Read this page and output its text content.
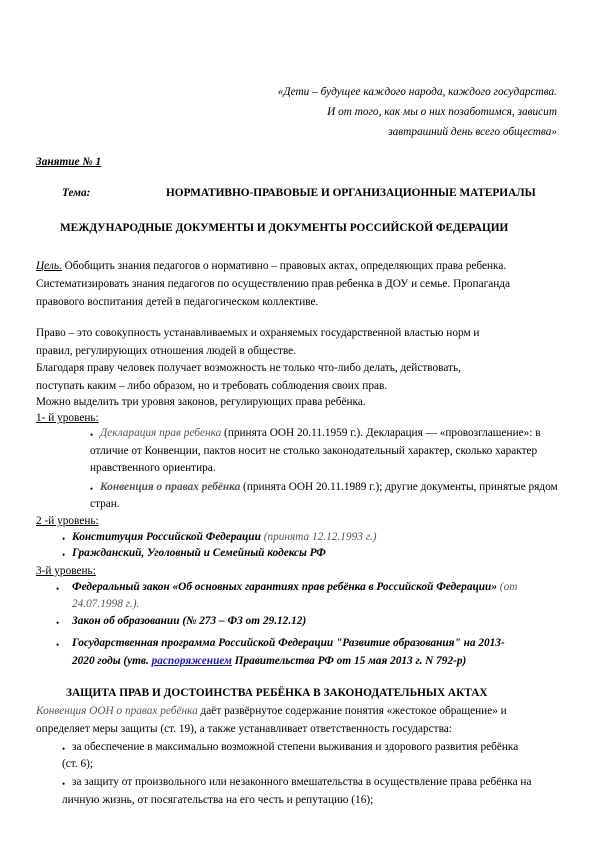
«Дети – будущее каждого народа, каждого государства.
И от того, как мы о них позаботимся, зависит
завтрашний день всего общества»
Занятие № 1
Тема:	НОРМАТИВНО-ПРАВОВЫЕ И ОРГАНИЗАЦИОННЫЕ МАТЕРИАЛЫ
МЕЖДУНАРОДНЫЕ ДОКУМЕНТЫ И ДОКУМЕНТЫ РОССИЙСКОЙ ФЕДЕРАЦИИ
Цель. Обобщить знания педагогов о нормативно – правовых актах, определяющих права ребенка.
Систематизировать знания педагогов по осуществлению прав ребенка в ДОУ и семье. Пропаганда
правового воспитания детей в педагогическом коллективе.
Право – это совокупность устанавливаемых и охраняемых государственной властью норм и
правил, регулирующих отношения людей в обществе.
Благодаря праву человек получает возможность не только что-либо делать, действовать,
поступать каким – либо образом, но и требовать соблюдения своих прав.
Можно выделить три уровня законов, регулирующих права ребёнка.
1- й уровень:
• Декларация прав ребенка (принята ООН 20.11.1959 г.). Декларация — «провозглашение»: в
отличие от Конвенции, пактов носит не столько законодательный характер, сколько характер
нравственного ориентира.
• Конвенция о правах ребёнка (принята ООН 20.11.1989 г.); другие документы, принятые рядом
стран.
2 -й уровень:
• Конституция Российской Федерации (принята 12.12.1993 г.)
• Гражданский, Уголовный и Семейный кодексы РФ
3-й уровень:
• Федеральный закон «Об основных гарантиях прав ребёнка в Российской Федерации» (от
24.07.1998 г.).
• Закон об образовании (№ 273 – ФЗ от 29.12.12)
• Государственная программа Российской Федерации "Развитие образования" на 2013-
2020 годы (утв. распоряжением Правительства РФ от 15 мая 2013 г. N 792-р)
ЗАЩИТА ПРАВ И ДОСТОИНСТВА РЕБЁНКА В ЗАКОНОДАТЕЛЬНЫХ АКТАХ
Конвенция ООН о правах ребёнка даёт развёрнутое содержание понятия «жестокое обращение» и
определяет меры защиты (ст. 19), а также устанавливает ответственность государства:
• за обеспечение в максимально возможной степени выживания и здорового развития ребёнка
(ст. 6);
• за защиту от произвольного или незаконного вмешательства в осуществление права ребёнка на
личную жизнь, от посягательства на его честь и репутацию (16);
